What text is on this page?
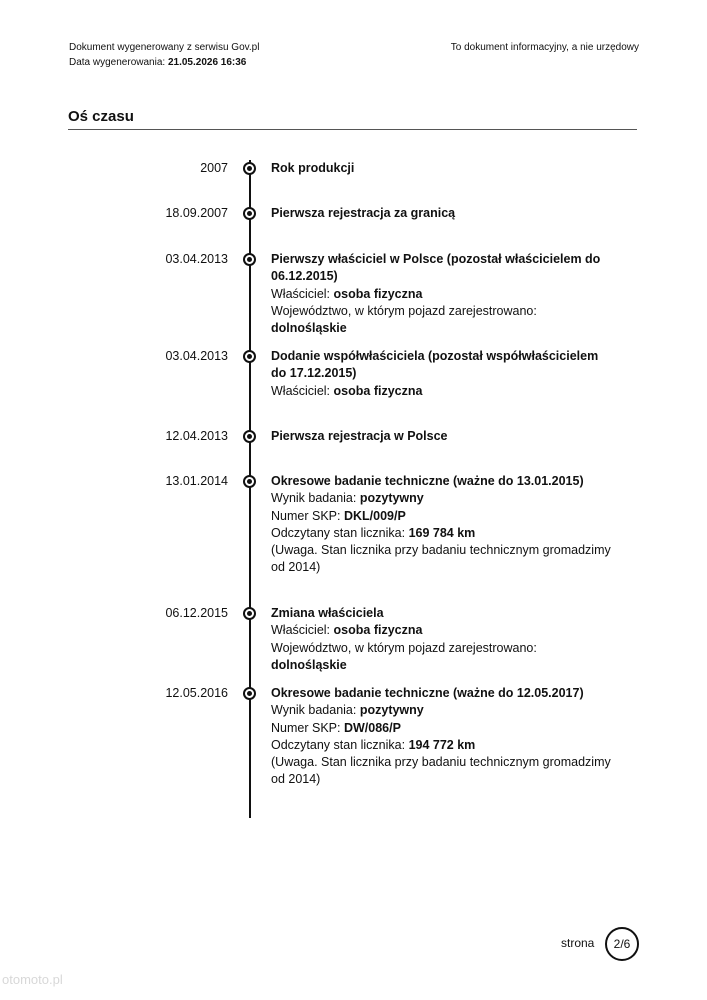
Dokument wygenerowany z serwisu Gov.pl
Data wygenerowania: 21.05.2026 16:36
To dokument informacyjny, a nie urzędowy
Oś czasu
2007	Rok produkcji
18.09.2007	Pierwsza rejestracja za granicą
03.04.2013	Pierwszy właściciel w Polsce (pozostał właścicielem do 06.12.2015)
Właściciel: osoba fizyczna
Województwo, w którym pojazd zarejestrowano: dolnośląskie
03.04.2013	Dodanie współwłaściciela (pozostał współwłaścicielem do 17.12.2015)
Właściciel: osoba fizyczna
12.04.2013	Pierwsza rejestracja w Polsce
13.01.2014	Okresowe badanie techniczne (ważne do 13.01.2015)
Wynik badania: pozytywny
Numer SKP: DKL/009/P
Odczytany stan licznika: 169 784 km
(Uwaga. Stan licznika przy badaniu technicznym gromadzimy od 2014)
06.12.2015	Zmiana właściciela
Właściciel: osoba fizyczna
Województwo, w którym pojazd zarejestrowano: dolnośląskie
12.05.2016	Okresowe badanie techniczne (ważne do 12.05.2017)
Wynik badania: pozytywny
Numer SKP: DW/086/P
Odczytany stan licznika: 194 772 km
(Uwaga. Stan licznika przy badaniu technicznym gromadzimy od 2014)
strona	2/6
otomoto.pl
